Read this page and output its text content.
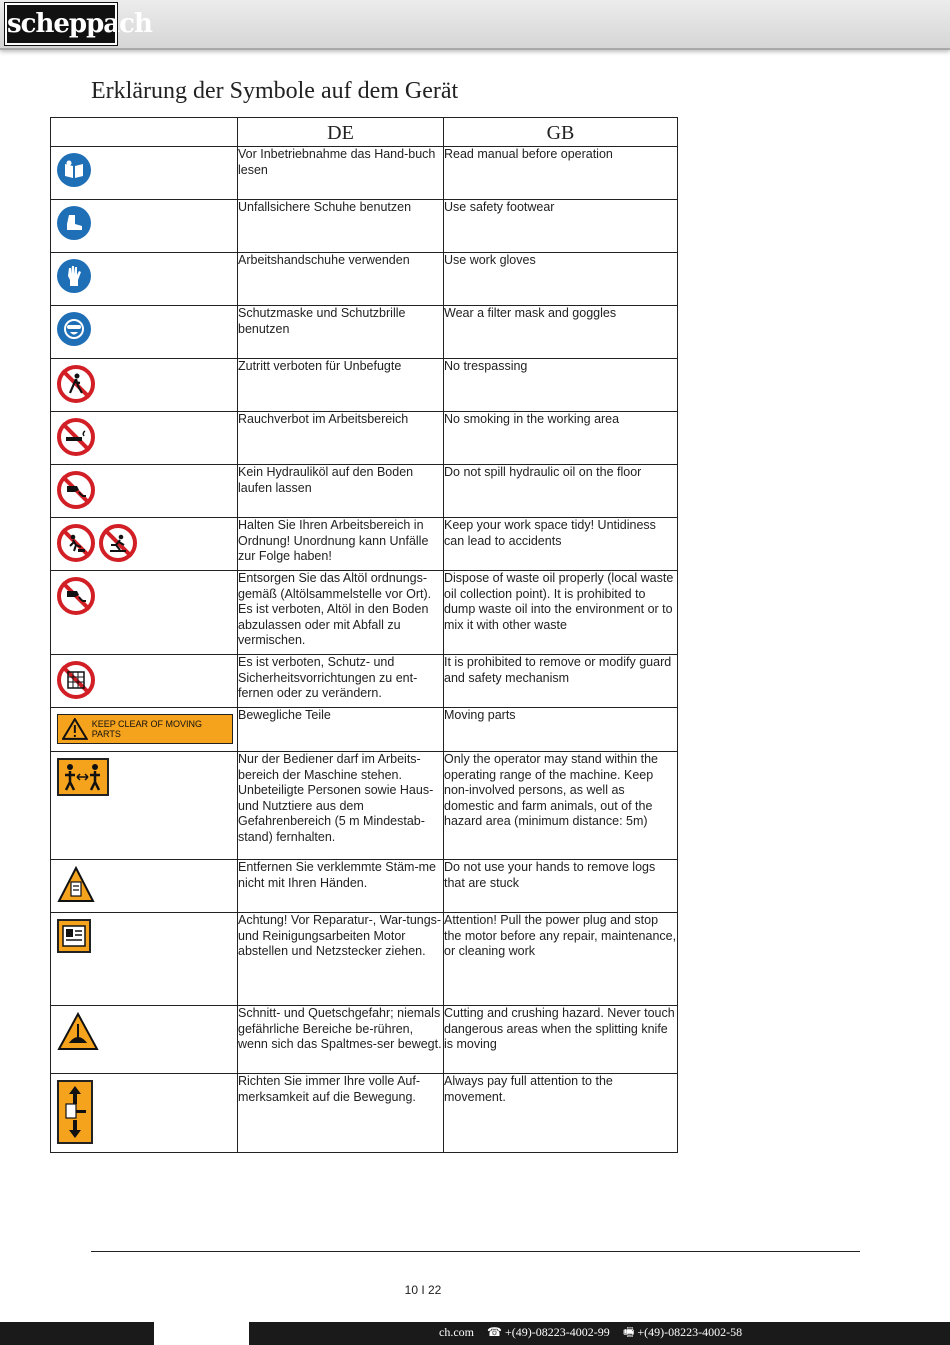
scheppach
Erklärung der Symbole auf dem Gerät
	DE	GB

	Vor Inbetriebnahme das Hand-buch lesen	Read manual before operation

	Unfallsichere Schuhe benutzen	Use safety footwear

	Arbeitshandschuhe verwenden	Use work gloves

	Schutzmaske und Schutzbrille benutzen	Wear a filter mask and goggles

	Zutritt verboten für Unbefugte	No trespassing

	Rauchverbot im Arbeitsbereich	No smoking in the working area

	Kein Hydrauliköl auf den Boden laufen lassen	Do not spill hydraulic oil on the floor

	Halten Sie Ihren Arbeitsbereich in Ordnung! Unordnung kann Unfälle zur Folge haben!	Keep your work space tidy! Untidiness can lead to accidents

	Entsorgen Sie das Altöl ordnungs-gemäß (Altölsammelstelle vor Ort). Es ist verboten, Altöl in den Boden abzulassen oder mit Abfall zu vermischen.	Dispose of waste oil properly (local waste oil collection point). It is prohibited to dump waste oil into the environment or to mix it with other waste

	Es ist verboten, Schutz- und Sicherheitsvorrichtungen zu ent-fernen oder zu verändern.	It is prohibited to remove or modify guard and safety mechanism

KEEP CLEAR OF MOVING PARTS	Bewegliche Teile	Moving parts

	Nur der Bediener darf im Arbeits-bereich der Maschine stehen. Unbeteiligte Personen sowie Haus- und Nutztiere aus dem Gefahrenbereich (5 m Mindestab-stand) fernhalten.	Only the operator may stand within the operating range of the machine. Keep non-involved persons, as well as domestic and farm animals, out of the hazard area (minimum distance: 5m)

	Entfernen Sie verklemmte Stäm-me nicht mit Ihren Händen.	Do not use your hands to remove logs that are stuck

	Achtung! Vor Reparatur-, War-tungs- und Reinigungsarbeiten Motor abstellen und Netzstecker ziehen.	Attention! Pull the power plug and stop the motor before any repair, maintenance, or cleaning work

	Schnitt- und Quetschgefahr; niemals gefährliche Bereiche be-rühren, wenn sich das Spaltmes-ser bewegt.	Cutting and crushing hazard. Never touch dangerous areas when the splitting knife is moving

	Richten Sie immer Ihre volle Auf-merksamkeit auf die Bewegung.	Always pay full attention to the movement.
10 I 22
ch.com ☎ +(49)-08223-4002-99 🖷 +(49)-08223-4002-58
